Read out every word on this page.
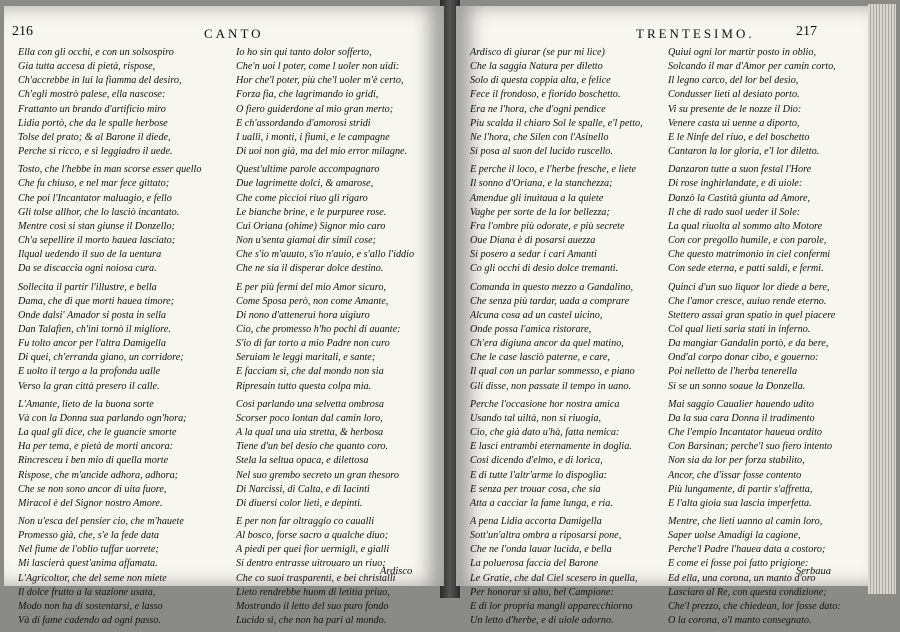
216	CANTO
Ella con gli occhi, e con un solsospiro
Gia tutta accesa di pietà, rispose,
Ch'accrebbe in lui la fiamma del desiro,
Ch'egli mostrò palese, ella nascose:
Frattanto un brando d'artificio miro
Lidia portò, che da le spalle herbose
Tolse del prato; & al Barone il diede,
Perche si ricco, e sì leggiadro il uede.
Tosto, che l'hebbe in man scorse esser quello
Che fu chiuso, e nel mar fece gittato;
Che poi l'Incantator maluagio, e fello
Gli tolse allhor, che lo lasciò incantato.
Mentre così si stan giunse il Donzello;
Ch'a sepellire il morto hauea lasciato;
Ilqual uedendo il suo de la uentura
Da se discaccia ogni noiosa cura.
Sollecita il partir l'illustre, e bella
Dama, che di que morti hauea timore;
Onde dalsi' Amador si posta in sella
Dan Talafien, ch'ini tornò il migliore.
Fu tolto ancor per l'altra Damigella
Di quei, ch'erranda giano, un corridore;
E uolto il tergo a la profonda ualle
Verso la gran città presero il calle.
L'Amante, lieto de la buona sorte
Và con la Donna sua parlando ogn'hora;
La qual gli dice, che le guancie smorte
Ha per tema, e pietà de morti ancora:
Rincresceu i ben mio di quella morte
Rispose, che m'ancide adhora, adhora;
Che se non sono ancor di uita fuore,
Miracol è del Signor nostro Amore.
Non u'esca del pensier cio, che m'hauete
Promesso già, che, s'e la fede data
Nel fiume de l'oblio tuffar uorrete;
Mi lascierà quest'anima affamata.
L'Agricoltor, che del seme non miete
Il dolce frutto a la stazione usata,
Modo non ha di sostentarsi, e lasso
Và di fame cadendo ad ogni passo.
Io ho sin qui tanto dolor sofferto,
Che'n uoi l poter, come l uoler non uidi:
Hor che'l poter, più che'l uoler m'è certo,
Forza fia, che lagrimando io gridi,
O fiero guiderdone al mio gran merto;
E ch'assordando d'amorosi stridi
I ualli, i monti, i fiumi, e le campagne
Di uoi non già, ma del mio error milagne.
Quest'ultime parole accompagnaro
Due lagrimette dolci, & amarose,
Che come piccioi riuo gli rigaro
Le bianche brine, e le purpuree rose.
Cui Oriana (ohime) Signor mio caro
Non u'senta giamai dir simil cose;
Che s'io m'auuto, s'io n'auio, e s'allo l'iddio
Che ne sia il disperar dolce destino.
E per più fermi del mio Amor sicuro,
Come Sposa però, non come Amante,
Di nono d'attenerui hora uigiuro
Cio, che promesso h'ho pochi di auante:
S'io di far torto a mio Padre non curo
Seruiam le leggi maritali, e sante;
E facciam sì, che dal mondo non sia
Ripresain tutto questa colpa mia.
Cosi parlando una selvetta ombrosa
Scorser poco lontan dal camin loro,
A la qual una uia stretta, & herbosa
Tiene d'un bel desio che quanto coro.
Stela la seltua opaca, e dilettosa
Nel suo grembo secreto un gran thesoro
Di Narcissi, di Calta, e di Iacinti
Di diuersi color lieti, e depinti.
E per non far oltraggio co caualli
Al bosco, forse sacro a qualche diuo;
A piedi per quei fior uermigli, e gialli
Si dentro entrasse uitrouaro un riuo;
Che co suoi trasparenti, e bei christalli
Lieto rendrebbe huom di letitia priuo,
Mostrando il letto del suo puro fondo
Lucido sì, che non ha pari al mondo.
Ardisco
TRENTESIMO.	217
Ardisco di giurar (se pur mi lice)
Che la saggia Natura per diletto
Solo di questa coppia alta, e felice
Fece il frondoso, e fiorido boschetto.
Era ne l'hora, che d'ogni pendice
Piu scalda il chiaro Sol le spalle, e'l petto,
Ne l'hora, che Silen con l'Asinello
Si posa al suon del lucido ruscello.
E perche il loco, e l'herbe fresche, e liete
Il sonno d'Oriana, e la stanchezza;
Amendue gli inuitaua a la quiete
Vaghe per sorte de la lor bellezza;
Fra l'ombre più odorate, e più secrete
Oue Diana è di posarsi auezza
Si posero a sedar i cari Amanti
Co gli occhi di desio dolce tremanti.
Comanda in questo mezzo a Gandalino,
Che senza più tardar, uada a comprare
Alcuna cosa ad un castel uicino,
Onde possa l'amica ristorare,
Ch'era digiuna ancor da quel matino,
Che le case lasciò paterne, e care,
Il qual con un parlar sommesso, e piano
Gli disse, non passate il tempo in uano.
Perche l'occasione hor nostra amica
Usando tal uiltà, non si riuogia,
Cio, che già dato u'hà, fatta nemica:
E lasci entrambi eternamente in doglia.
Cosi dicendo d'elmo, e di lorica,
E di tutte l'altr'arme lo dispoglia:
E senza per trouar cosa, che sia
Atta a cacciar la fame lunga, e ria.
A pena Lidia accorta Damigella
Sott'un'altra ombra a riposarsi pone,
Che ne l'onda lauar lucida, e bella
La poluerosa faccia del Barone
Le Gratie, che dal Ciel scesero in quella,
Per honorar sì alto, bel Campione:
E di lor propria mangli apparecchiorno
Un letto d'herbe, e di uiole adorno.
Quiui ogni lor martir posto in oblio,
Solcando il mar d'Amor per camin corto,
Il legno carco, del lor bel desio,
Condusser lieti al desiato porto.
Vi su presente de le nozze il Dio:
Venere casta ui uenne a diporto,
E le Ninfe del riuo, e del boschetto
Cantaron la lor gloria, e'l lor diletto.
Danzaron tutte a suon festal l'Hore
Di rose inghirlandate, e di uiole:
Danzò la Castità giunta ad Amore,
Il che di rado suol ueder il Sole:
La qual riuolta al sommo alto Motore
Con cor pregollo humile, e con parole,
Che questo matrimonio in ciel confermi
Con sede eterna, e patti saldi, e fermi.
Quinci d'un suo liquor lor diede a bere,
Che l'amor cresce, auiuo rende eterno.
Stettero assai gran spatio in quel piacere
Col qual lieti saria stati in inferno.
Da mangiar Gandalin portò, e da bere,
Ond'al corpo donar cibo, e gouerno:
Poi nelletto de l'herba tenerella
Si se un sonno soaue la Donzella.
Mai saggio Caualier hauendo udito
Da la sua cara Donna il tradimento
Che l'empio Incantator haueua ordito
Con Barsinan; perche'l suo fiero intento
Non sia da lor per forza stabilito,
Ancor, che d'issar fosse contento
Più lungamente, di partir s'affretta,
E l'alta gioia sua lascia imperfetta.
Mentre, che lieti uanno al camin loro,
Saper uolse Amadigi la cagione,
Perche'l Padre l'hauea data a costoro;
E come ei fosse poi fatto prigione:
Ed ella, una corona, un manto d'oro
Lasciaro al Re, con questa condizione;
Che'l prezzo, che chiedean, lor fosse dato:
O la corona, o'l manto consegnato.
Serbaua
